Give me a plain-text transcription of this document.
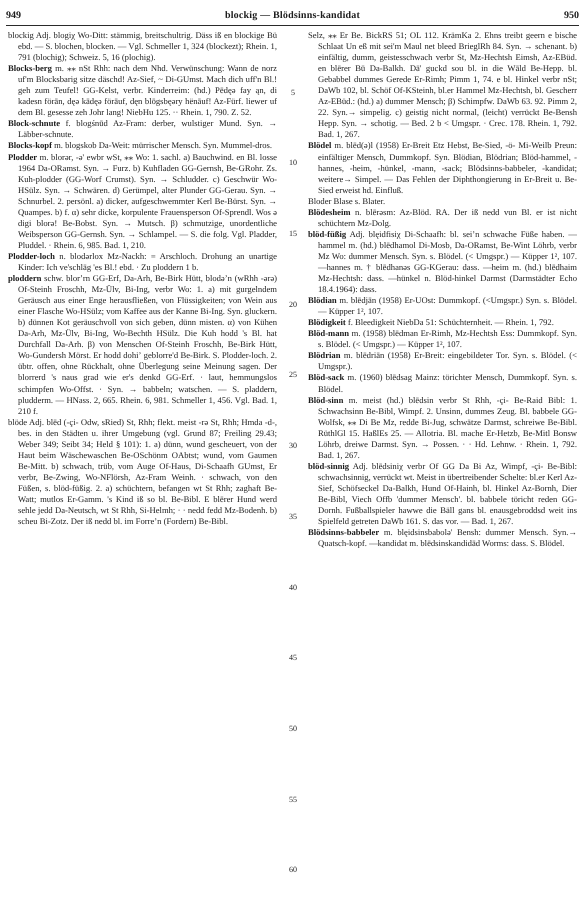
949	blockig — Blödsinns-kandidat	950

blockig Adj. blogiχ Wo-Ditt: stämmig, breitschultrig. Däss iß en blockige Bü ebd. — S. blochen, blocken. — Vgl. Schmeller 1, 324 (blockezt); Rhein. 1, 791 (blochig); Schweiz. 5, 16 (plochig).

Blocks-berg m. ⁎⁎ nSt Rhh: nach dem Nhd. Verwünschung: Wann de norz uf'm Blocksbarig sitze däschd! Az-Sief, ~ Di-GUmst. Mach dich uff'n Bl.! geh zum Teufel! GG-Kelst, verbr. Kinderreim: (hd.) Pēdęə fay ąn, di kadesn förān, dęə kādęə förāuf, dęn blōgsbęəry hënāuf! Az-Fürf. liewer uf dem Bl. gesesse zeh Johr lang! NiebHu 125. ·· Rhein. 1, 790. Z. 52.

Block-schnute f. blogśnūd Az-Fram: derber, wulstiger Mund. Syn. → Läbber-schnute.

Blocks-kopf m. blogskob Da-Weit: mürrischer Mensch. Syn. Mummel-dros.

Plodder m. blorər, -ə' ewbr wSt, ⁎⁎ Wo: 1. sachl. a) Bauchwind. en Bl. losse 1964 Da-ORamst. Syn. → Furz. b) Kuhfladen GG-Gernsh, Be-GRohr. Zs. Kuh-plodder (GG-Worf Crumst). Syn. → Schludder. c) Geschwür Wo-HSülz. Syn. → Schwären. d) Gerümpel, alter Plunder GG-Gerau. Syn. → Schnurbel. 2. persönl. a) dicker, aufgeschwemmter Kerl Be-Bürst. Syn. → Quampes. b) f. α) sehr dicke, korpulente Frauensperson Of-Sprendl. Wos ə digi blorə! Be-Bobst. Syn. → Mutsch. β) schmutzige, unordentliche Weibsperson GG-Gernsh. Syn. → Schlampel. — S. die folg. Vgl. Pladder, Pluddel. · Rhein. 6, 985. Bad. 1, 210.

Plodder-loch n. blodərlox Mz-Nackh: = Arschloch. Drohung an unartige Kinder: Ich ve'schlāg 'es Bl.! ebd. · Zu ploddern 1 b.

ploddern schw. blorʼrn GG-Erf, Da-Arh, Be-Birk Hütt, blodəʼn (wRhh -ərə) Of-Steinh Froschh, Mz-Ülv, Bi-Ing, verbr Wo: 1. a) mit gurgelndem Geräusch aus einer Enge herausfließen, von Flüssigkeiten; von Wein aus einer Flasche Wo-HSülz; vom Kaffee aus der Kanne Bi-Ing. Syn. gluckern. b) dünnen Kot geräuschvoll von sich geben, dünn misten. α) von Kühen Da-Arh, Mz-Ülv, Bi-Ing, Wo-Bechth HSülz. Die Kuh hodd 's Bl. hat Durchfall Da-Arh. β) von Menschen Of-Steinh Froschh, Be-Birk Hütt, Wo-Gundersh Mörst. Er hodd dohiʼ geblorre'd Be-Birk. S. Plodder-loch. 2. übtr. offen, ohne Rückhalt, ohne Überlegung seine Meinung sagen. Der blorrerd 's naus grad wie er's denkd GG-Erf. · laut, hemmungslos schimpfen Wo-Offst. · Syn. → babbeln; watschen. — S. pladdern, pludderm. — HNass. 2, 665. Rhein. 6, 981. Schmeller 1, 456. Vgl. Bad. 1, 210 f.

blöde Adj. blēd (-çi- Odw, sRied) St, Rhh; flekt. meist -rə St, Rhh; Hmda -d-, bes. in den Städten u. ihrer Umgebung (vgl. Grund 87; Freiling 29.43; Weber 349; Seibt 34; Held § 101): 1. a) dünn, wund gescheuert, von der Haut beim Wäschewaschen Be-OSchönm OAbtst; wund, vom Gaumen Be-Mitt. b) schwach, trüb, vom Auge Of-Haus, Di-Schaafh GUmst, Er verbr, Be-Zwing, Wo-NFlörsh, Az-Fram Weinh. · schwach, von den Füßen, s. blöd-füßig. 2. a) schüchtern, befangen wt St Rhh; zaghaft Be-Watt; mutlos Er-Gamm. 's Kind iß so bl. Be-Bibl. E blērer Hund werd sehle jedd Da-Neutsch, wt St Rhh, Si-Helmh; · · nedd fedd Mz-Bodenh. b) scheu Bi-Zotz. Der iß nedd bl. im Forreʼn (Fordern) Be-Bibl.

5
10
15
20
25
30
35
40
45
50
55
60

Selz, ⁎⁎ Er Be. BickRS 51; OL 112. KrämKa 2. Ehns treibt geern e bische Schlaat Un eß mit sei'm Maul net bleed BrieglRh 84. Syn. → schenant. b) einfältig, dumm, geistesschwach verbr St, Mz-Hechtsh Eimsh, Az-EBüd. en blērer Bū Da-Balkh. Dā' guckd sou bl. in die Wāld Be-Hepp. bl. Gebabbel dummes Gerede Er-Rimh; Pimm 1, 74. e bl. Hinkel verbr nSt; DaWb 102, bl. Schöf Of-KSteinh, bl.er Hammel Mz-Hechtsh, bl. Gescherr Az-EBüd.: (hd.) a) dummer Mensch; β) Schimpfw. DaWb 63. 92. Pimm 2, 22. Syn.→ simpelig. c) geistig nicht normal, (leicht) verrückt Be-Bensh Hepp. Syn. → schotig. — Bed. 2 b < Umgspr. · Crec. 178. Rhein. 1, 792. Bad. 1, 267.

Blödel m. blēd(ə)l (1958) Er-Breit Etz Hebst, Be-Sied, -ö- Mi-Weilb Preun: einfältiger Mensch, Dummkopf. Syn. Blödian, Blödrian; Blöd-hammel, -hannes, -heim, -hünkel, -mann, -sack; Blödsinns-babbeler, -kandidat; weitere→ Simpel. — Das Fehlen der Diphthongierung in Er-Breit u. Be-Sied erweist hd. Einfluß.

Bloder Blase s. Blater.

Blödesheim n. blērəsm: Az-Blöd. RA. Der iß nedd vun Bl. er ist nicht schüchtern Mz-Dolg.

blöd-füßig Adj. blęidfisiχ Di-Schaafh: bl. seiʼn schwache Füße haben. —hammel m. (hd.) blēdhamol Di-Mosb, Da-ORamst, Be-Wint Löhrb, verbr Mz Wo: dummer Mensch. Syn. s. Blödel. (< Umgspr.) — Küpper 1², 107. —hannes m. † blēdhanəs GG-KGerau: dass. —heim m. (hd.) blēdhaim Mz-Hechtsh: dass. —hünkel n. Blöd-hinkel Darmst (Darmstädter Echo 18.4.1964): dass.

Blödian m. blēdjān (1958) Er-UOst: Dummkopf. (<Umgspr.) Syn. s. Blödel. — Küpper 1², 107.

Blödigkeit f. Bleedigkeit NiebDa 51: Schüchternheit. — Rhein. 1, 792.

Blöd-mann m. (1958) blēdman Er-Rimh, Mz-Hechtsh Ess: Dummkopf. Syn. s. Blödel. (< Umgspr.) — Küpper 1², 107.

Blödrian m. blēdriān (1958) Er-Breit: eingebildeter Tor. Syn. s. Blödel. (< Umgspr.).

Blöd-sack m. (1960) blēdsag Mainz: törichter Mensch, Dummkopf. Syn. s. Blödel.

Blöd-sinn m. meist (hd.) blēdsin verbr St Rhh, -çi- Be-Raid Bibl: 1. Schwachsinn Be-Bibl, Wimpf. 2. Unsinn, dummes Zeug. Bl. babbele GG-Wolfsk, ⁎⁎ Di Be Mz, redde Bi-Jug, schwätze Darmst, schreiwe Be-Bibl. RüthlGl 15. HaßlEs 25. — Allotria. Bl. mache Er-Hetzb, Be-Mitl Bonsw Löhrb, dreiwe Darmst. Syn. → Possen. · · Hd. Lehnw. · Rhein. 1, 792. Bad. 1, 267.

blöd-sinnig Adj. blēdsiniχ verbr Of GG Da Bi Az, Wimpf, -çi- Be-Bibl: schwachsinnig, verrückt wt. Meist in übertreibender Schelte: bl.er Kerl Az-Sief, Schöfseckel Da-Balkh, Hund Of-Hainh, bl. Hinkel Az-Bornh, Dier Be-Bibl, Viech Offb 'dummer Mensch'. bl. babbele töricht reden GG-Dornh. Fußballspieler hawwe die Bäll gans bl. enausgebroddsd weit ins Spielfeld getreten DaWb 161. S. das vor. — Bad. 1, 267.

Blödsinns-babbeler m. blęidsinsbabolə' Bensh: dummer Mensch. Syn.→ Quatsch-kopf. —kandidat m. blēdsinskandidād Worms: dass. S. Blödel.
